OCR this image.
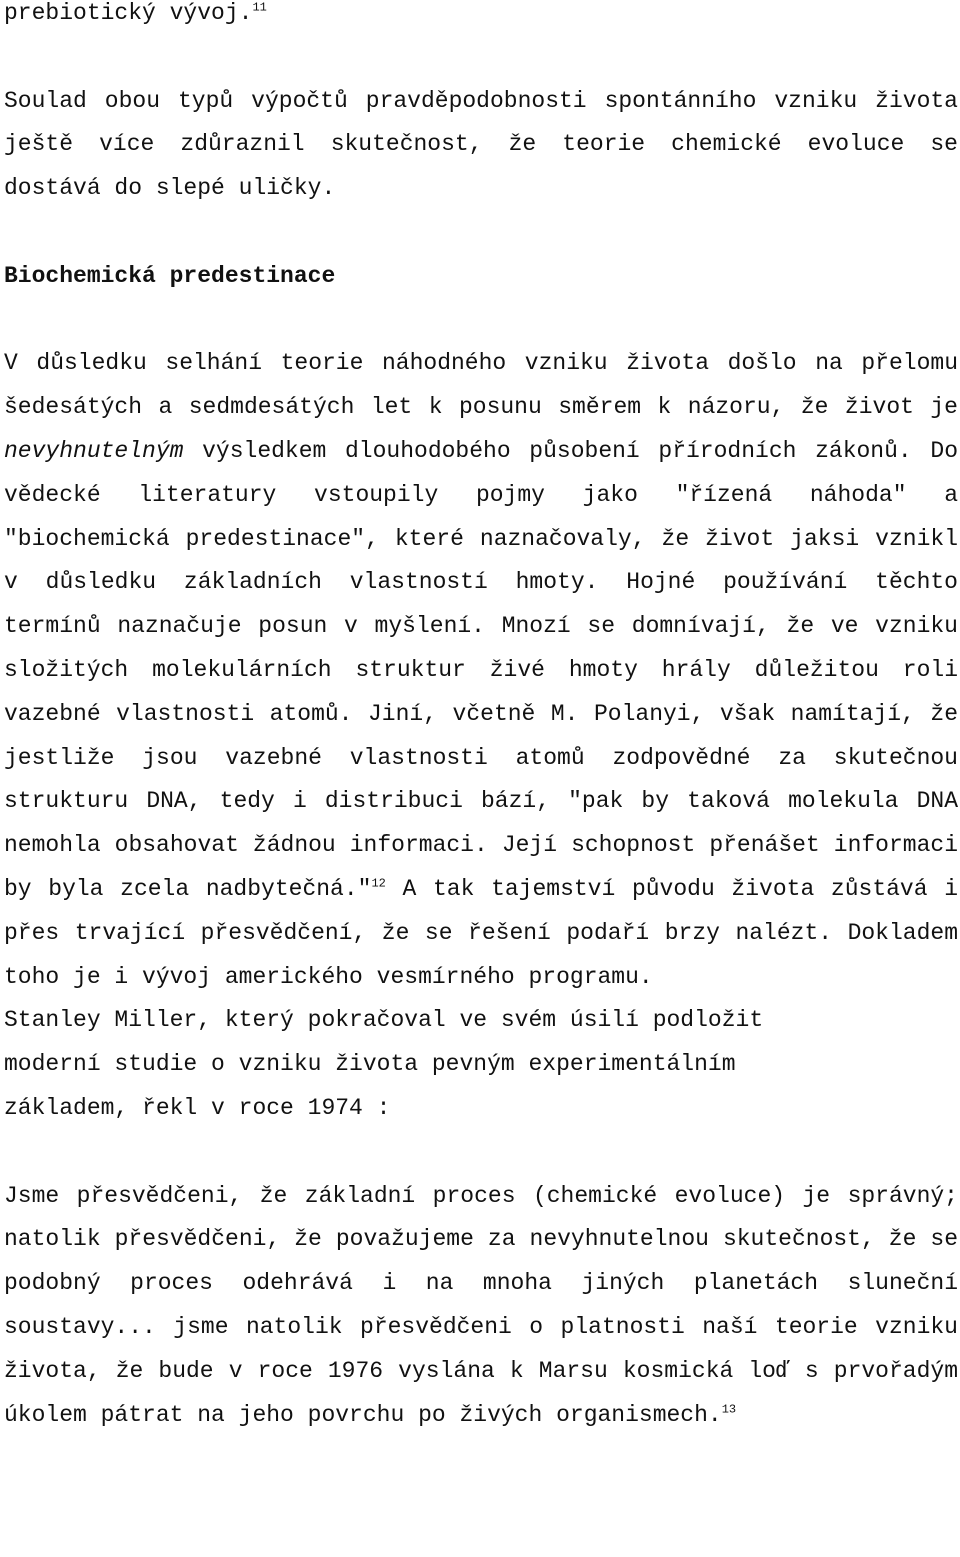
prebiotický vývoj.$^{11}$

Soulad obou typů výpočtů pravděpodobnosti spontánního vzniku života ještě více zdůraznil skutečnost, že teorie chemické evoluce se dostává do slepé uličky.

Biochemická predestinace

V důsledku selhání teorie náhodného vzniku života došlo na přelomu šedesátých a sedmdesátých let k posunu směrem k názoru, že život je nevyhnutelným výsledkem dlouhodobého působení přírodních zákonů. Do vědecké literatury vstoupily pojmy jako "řízená náhoda" a "biochemická predestinace", které naznačovaly, že život jaksi vznikl v důsledku základních vlastností hmoty. Hojné používání těchto termínů naznačuje posun v myšlení. Mnozí se domnívají, že ve vzniku složitých molekulárních struktur živé hmoty hrály důležitou roli vazebné vlastnosti atomů. Jiní, včetně M. Polanyi, však namítají, že jestliže jsou vazebné vlastnosti atomů zodpovědné za skutečnou strukturu DNA, tedy i distribuci bází, "pak by taková molekula DNA nemohla obsahovat žádnou informaci. Její schopnost přenášet informaci by byla zcela nadbytečná."$^{12}$ A tak tajemství původu života zůstává i přes trvající přesvědčení, že se řešení podaří brzy nalézt. Dokladem toho je i vývoj amerického vesmírného programu.
Stanley Miller, který pokračoval ve svém úsilí podložit
moderní studie o vzniku života pevným experimentálním
základem, řekl v roce 1974 :

Jsme přesvědčeni, že základní proces (chemické evoluce) je správný; natolik přesvědčeni, že považujeme za nevyhnutelnou skutečnost, že se podobný proces odehrává i na mnoha jiných planetách sluneční soustavy... jsme natolik přesvědčeni o platnosti naší teorie vzniku života, že bude v roce 1976 vyslána k Marsu kosmická loď s prvořadým úkolem pátrat na jeho povrchu po živých organismech.$^{13}$
